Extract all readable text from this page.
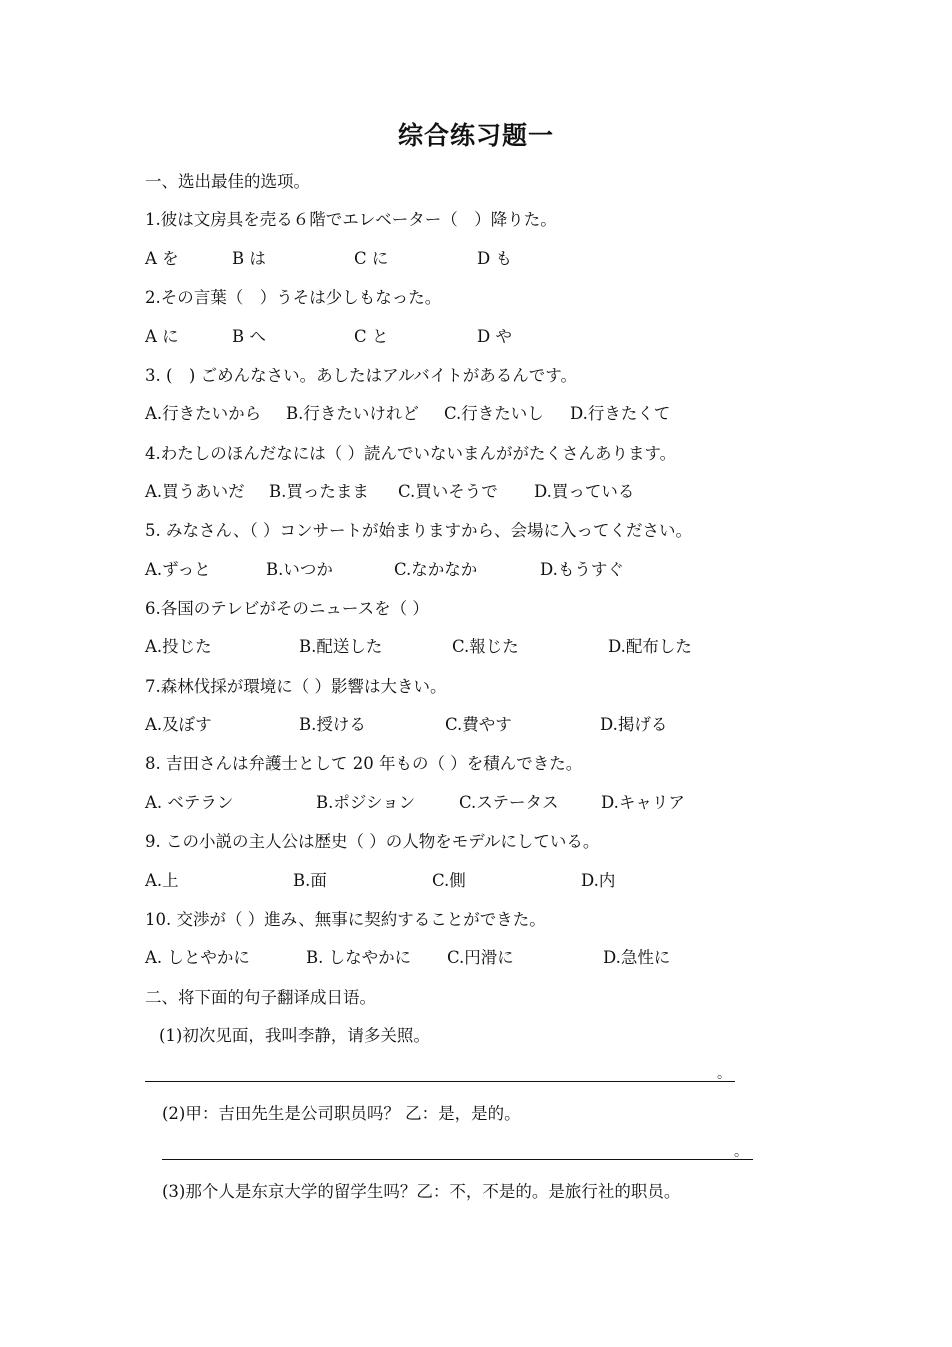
综合练习题一
一、选出最佳的选项。
1.彼は文房具を売る６階でエレベーター（　）降りた。
A を	B は	C に	D も
2.その言葉（　）うそは少しもなった。
A に	B へ	C と	D や
3. (　) ごめんなさい。あしたはアルバイトがあるんです。
A.行きたいから B.行きたいけれど C.行きたいし D.行きたくて
4.わたしのほんだなには（ ）読んでいないまんががたくさんあります。
A.買うあいだ B.買ったまま C.買いそうで D.買っている
5. みなさん、（ ）コンサートが始まりますから、会場に入ってください。
A.ずっと	B.いつか	C.なかなか	D.もうすぐ
6.各国のテレビがそのニュースを（ ）
A.投じた	B.配送した	C.報じた	D.配布した
7.森林伐採が環境に（ ）影響は大きい。
A.及ぼす	B.授ける	C.費やす	D.掲げる
8. 吉田さんは弁護士として 20 年もの（ ）を積んできた。
A. ベテラン	B.ポジション	C.ステータス	D.キャリア
9. この小説の主人公は歴史（ ）の人物をモデルにしている。
A.上	B.面	C.側	D.内
10. 交渉が（ ）進み、無事に契約することができた。
A. しとやかに	B. しなやかに C.円滑に	D.急性に
二、将下面的句子翻译成日语。
(1)初次见面，我叫李静，请多关照。
。
(2)甲：吉田先生是公司职员吗？ 乙：是，是的。
。
(3)那个人是东京大学的留学生吗？乙：不，不是的。是旅行社的职员。
